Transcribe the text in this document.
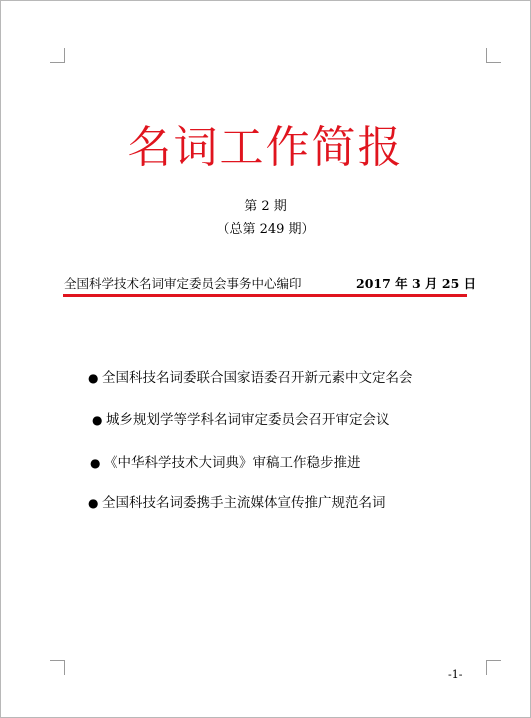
名词工作简报
第 2 期
（总第 249 期）
全国科学技术名词审定委员会事务中心编印	2017 年 3 月 25 日
● 全国科技名词委联合国家语委召开新元素中文定名会
● 城乡规划学等学科名词审定委员会召开审定会议
● 《中华科学技术大词典》审稿工作稳步推进
● 全国科技名词委携手主流媒体宣传推广规范名词
-1-
